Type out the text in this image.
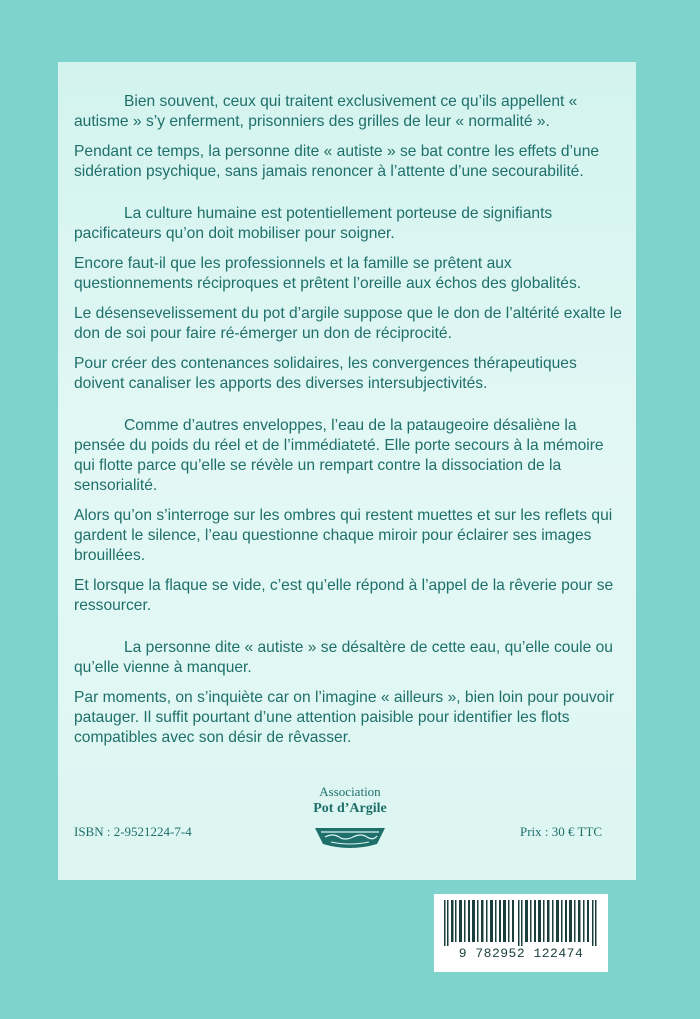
Bien souvent, ceux qui traitent exclusivement ce qu’ils appellent « autisme » s’y enferment, prisonniers des grilles de leur « normalité ».

Pendant ce temps, la personne dite « autiste » se bat contre les effets d’une sidération psychique, sans jamais renoncer à l’attente d’une secourabilité.

La culture humaine est potentiellement porteuse de signifiants pacificateurs qu’on doit mobiliser pour soigner.

Encore faut-il que les professionnels et la famille se prêtent aux questionnements réciproques et prêtent l’oreille aux échos des globalités.

Le désensevelissement du pot d’argile suppose que le don de l’altérité exalte le don de soi pour faire ré-émerger un don de réciprocité.

Pour créer des contenances solidaires, les convergences thérapeutiques doivent canaliser les apports des diverses intersubjectivités.

Comme d’autres enveloppes, l’eau de la pataugeoire désaliène la pensée du poids du réel et de l’immédiateté. Elle porte secours à la mémoire qui flotte parce qu’elle se révèle un rempart contre la dissociation de la sensorialité.

Alors qu’on s’interroge sur les ombres qui restent muettes et sur les reflets qui gardent le silence, l’eau questionne chaque miroir pour éclairer ses images brouillées.

Et lorsque la flaque se vide, c’est qu’elle répond à l’appel de la rêverie pour se ressourcer.

La personne dite « autiste » se désaltère de cette eau, qu’elle coule ou qu’elle vienne à manquer.

Par moments, on s’inquiète car on l’imagine « ailleurs », bien loin pour pouvoir patauger. Il suffit pourtant d’une attention paisible pour identifier les flots compatibles avec son désir de rêvasser.

Association
Pot d’Argile
ISBN : 2-9521224-7-4	Prix : 30 € TTC
9 782952 122474
